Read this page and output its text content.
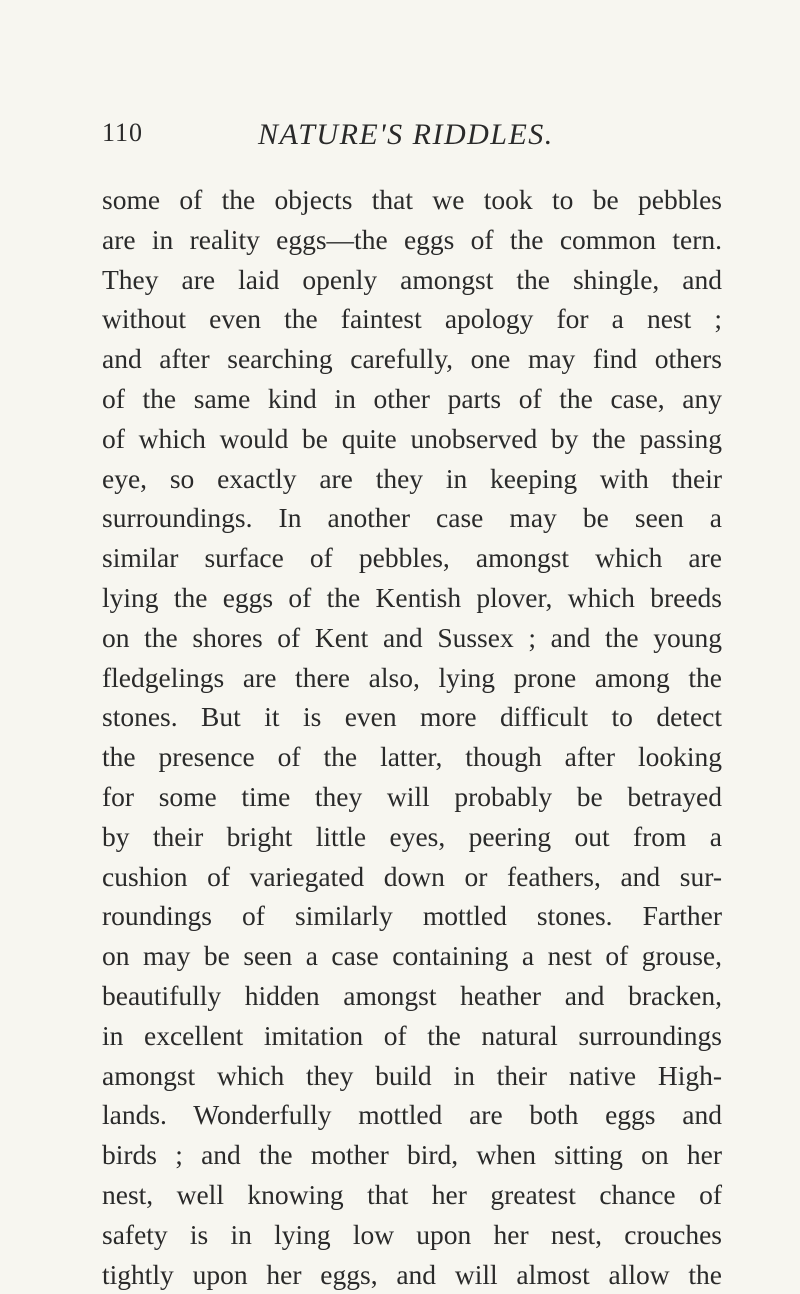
110	NATURE'S RIDDLES.
some of the objects that we took to be pebbles
are in reality eggs—the eggs of the common tern.
They are laid openly amongst the shingle, and
without even the faintest apology for a nest ;
and after searching carefully, one may find others
of the same kind in other parts of the case, any
of which would be quite unobserved by the passing
eye, so exactly are they in keeping with their
surroundings. In another case may be seen a
similar surface of pebbles, amongst which are
lying the eggs of the Kentish plover, which breeds
on the shores of Kent and Sussex ; and the young
fledgelings are there also, lying prone among the
stones. But it is even more difficult to detect
the presence of the latter, though after looking
for some time they will probably be betrayed
by their bright little eyes, peering out from a
cushion of variegated down or feathers, and sur-
roundings of similarly mottled stones. Farther
on may be seen a case containing a nest of grouse,
beautifully hidden amongst heather and bracken,
in excellent imitation of the natural surroundings
amongst which they build in their native High-
lands. Wonderfully mottled are both eggs and
birds ; and the mother bird, when sitting on her
nest, well knowing that her greatest chance of
safety is in lying low upon her nest, crouches
tightly upon her eggs, and will almost allow the
